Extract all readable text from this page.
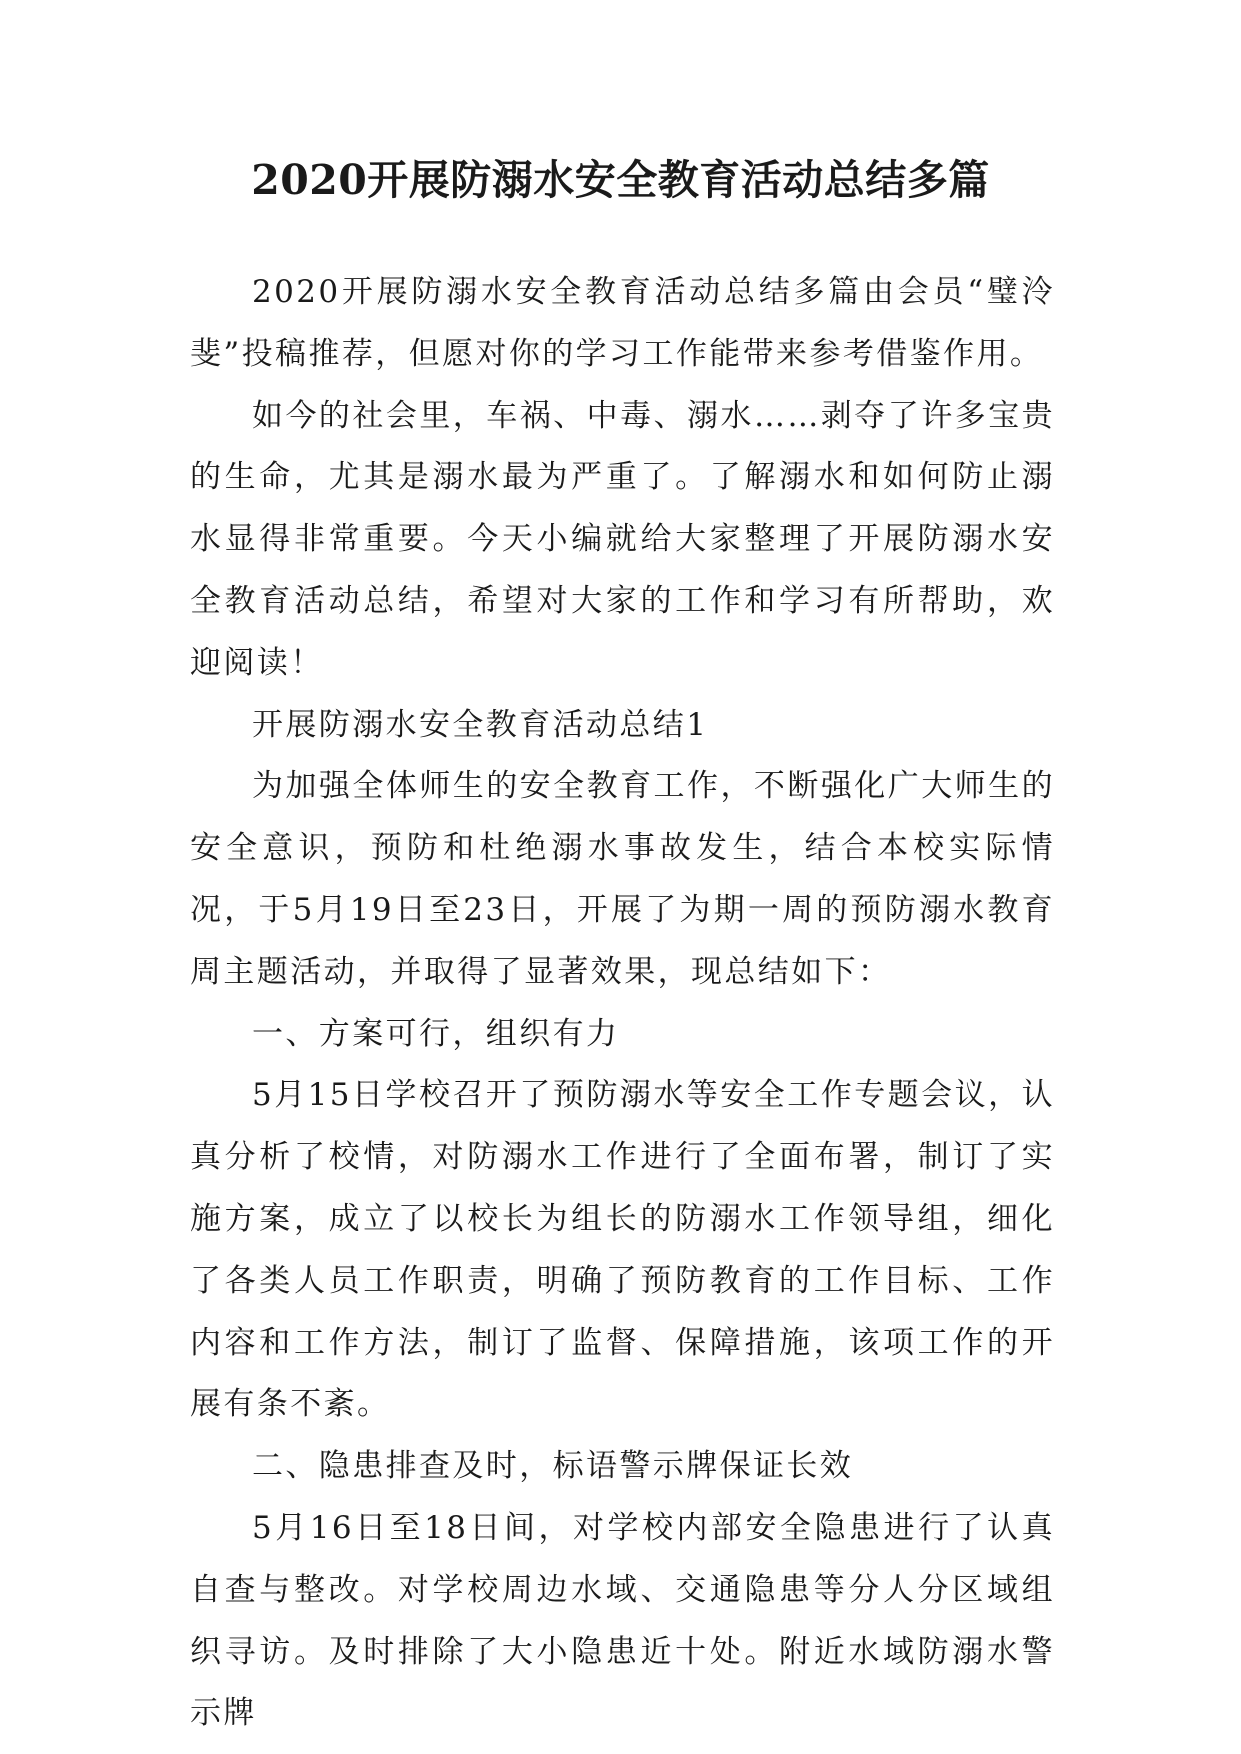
2020开展防溺水安全教育活动总结多篇

2020开展防溺水安全教育活动总结多篇由会员“璧泠斐”投稿推荐，但愿对你的学习工作能带来参考借鉴作用。

如今的社会里，车祸、中毒、溺水……剥夺了许多宝贵的生命，尤其是溺水最为严重了。了解溺水和如何防止溺水显得非常重要。今天小编就给大家整理了开展防溺水安全教育活动总结，希望对大家的工作和学习有所帮助，欢迎阅读！

开展防溺水安全教育活动总结1

为加强全体师生的安全教育工作，不断强化广大师生的安全意识，预防和杜绝溺水事故发生，结合本校实际情况，于5月19日至23日，开展了为期一周的预防溺水教育周主题活动，并取得了显著效果，现总结如下：

一、方案可行，组织有力

5月15日学校召开了预防溺水等安全工作专题会议，认真分析了校情，对防溺水工作进行了全面布署，制订了实施方案，成立了以校长为组长的防溺水工作领导组，细化了各类人员工作职责，明确了预防教育的工作目标、工作内容和工作方法，制订了监督、保障措施，该项工作的开展有条不紊。

二、隐患排查及时，标语警示牌保证长效

5月16日至18日间，对学校内部安全隐患进行了认真自查与整改。对学校周边水域、交通隐患等分人分区域组织寻访。及时排除了大小隐患近十处。附近水域防溺水警示牌
